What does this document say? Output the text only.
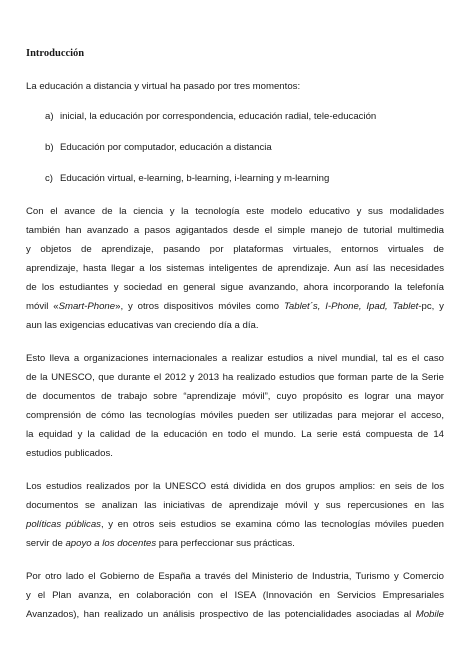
Introducción
La educación a distancia y virtual ha pasado por tres momentos:
a) inicial, la educación por correspondencia, educación radial, tele-educación
b) Educación por computador, educación a distancia
c) Educación virtual, e-learning, b-learning, i-learning y m-learning
Con el avance de la ciencia y la tecnología este modelo educativo y sus modalidades
también han avanzado a pasos agigantados desde el simple manejo de tutorial multimedia
y objetos de aprendizaje, pasando por plataformas virtuales, entornos virtuales de
aprendizaje, hasta llegar a los sistemas inteligentes de aprendizaje. Aun así las necesidades
de los estudiantes y sociedad en general sigue avanzando, ahora incorporando la telefonía
móvil «Smart-Phone», y otros dispositivos móviles como Tablet´s, I-Phone, Ipad, Tablet-pc, y
aun las exigencias educativas van creciendo día a día.
Esto lleva a organizaciones internacionales a realizar estudios a nivel mundial, tal es el caso
de la UNESCO, que durante el 2012 y 2013 ha realizado estudios que forman parte de la Serie
de documentos de trabajo sobre “aprendizaje móvil”, cuyo propósito es lograr una mayor
comprensión de cómo las tecnologías móviles pueden ser utilizadas para mejorar el acceso,
la equidad y la calidad de la educación en todo el mundo. La serie está compuesta de 14
estudios publicados.
Los estudios realizados por la UNESCO está dividida en dos grupos amplios: en seis de los
documentos se analizan las iniciativas de aprendizaje móvil y sus repercusiones en las
políticas públicas, y en otros seis estudios se examina cómo las tecnologías móviles pueden
servir de apoyo a los docentes para perfeccionar sus prácticas.
Por otro lado el Gobierno de España a través del Ministerio de Industria, Turismo y Comercio
y el Plan avanza, en colaboración con el ISEA (Innovación en Servicios Empresariales
Avanzados), han realizado un análisis prospectivo de las potencialidades asociadas al Mobile
